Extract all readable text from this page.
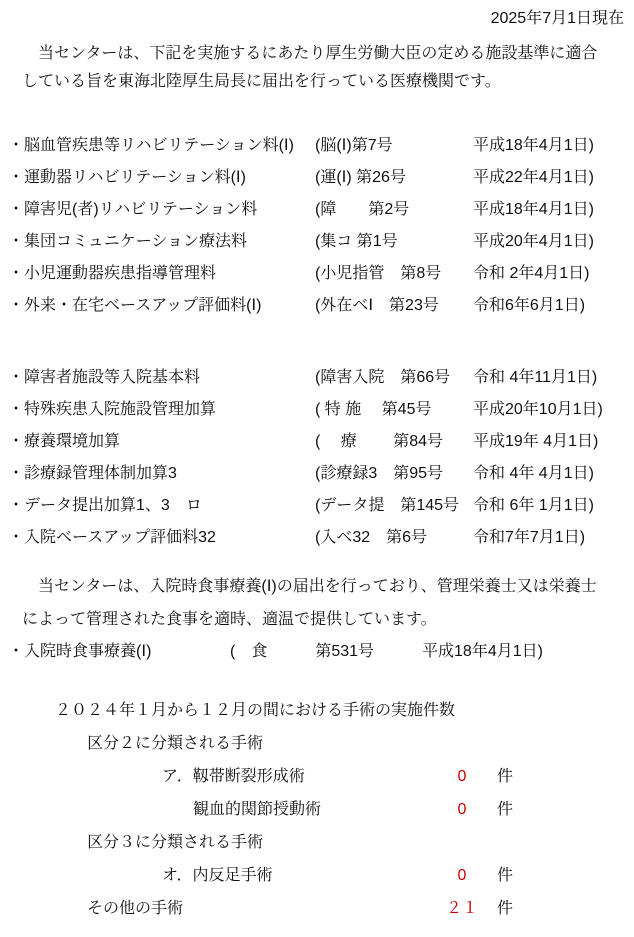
2025年7月1日現在
当センターは、下記を実施するにあたり厚生労働大臣の定める施設基準に適合
している旨を東海北陸厚生局長に届出を行っている医療機関です。
・脳血管疾患等リハビリテーション料(Ⅰ)	(脳(Ⅰ)第7号	平成18年4月1日)
・運動器リハビリテーション料(Ⅰ)	(運(Ⅰ) 第26号	平成22年4月1日)
・障害児(者)リハビリテーション料	(障　　第2号	平成18年4月1日)
・集団コミュニケーション療法料	(集コ 第1号	平成20年4月1日)
・小児運動器疾患指導管理料	(小児指管　第8号	令和 2年4月1日)
・外来・在宅ベースアップ評価料(Ⅰ)	(外在ベⅠ　第23号	令和6年6月1日)
・障害者施設等入院基本料	(障害入院　第66号	令和 4年11月1日)
・特殊疾患入院施設管理加算	( 特 施　 第45号	平成20年10月1日)
・療養環境加算	(　 療　　 第84号	平成19年 4月1日)
・診療録管理体制加算3	(診療録3　第95号	令和 4年 4月1日)
・データ提出加算1、3　ロ	(データ提　第145号 令和 6年 1月1日)
・入院ベースアップ評価料32	(入ベ32　第6号	令和7年7月1日)
当センターは、入院時食事療養(Ⅰ)の届出を行っており、管理栄養士又は栄養士
によって管理された食事を適時、適温で提供しています。
・入院時食事療養(Ⅰ)	(　食　　　第531号　　　平成18年4月1日)
２０２４年１月から１２月の間における手術の実施件数
区分２に分類される手術
ア．靱帯断裂形成術	0	件
観血的関節授動術	0	件
区分３に分類される手術
オ．内反足手術	0	件
その他の手術	２１ 件
